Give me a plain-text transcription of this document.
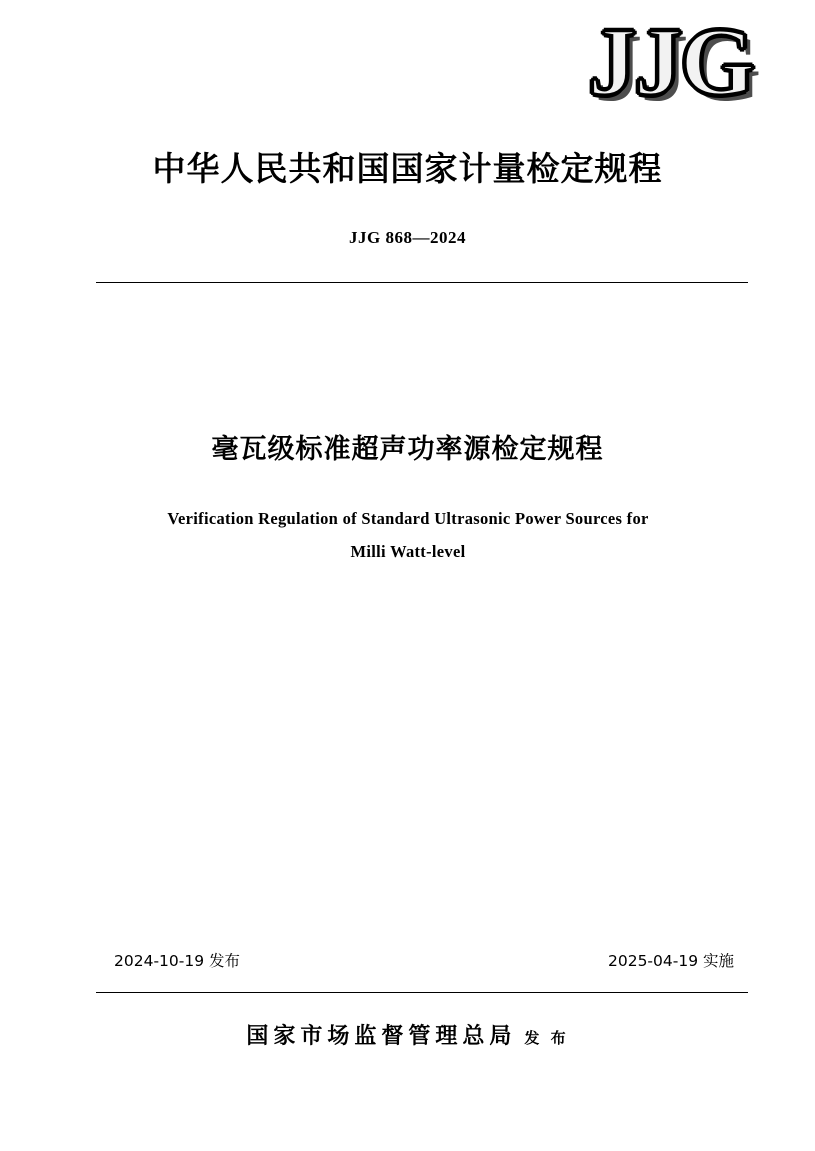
JJG
中华人民共和国国家计量检定规程
JJG 868—2024
毫瓦级标准超声功率源检定规程
Verification Regulation of Standard Ultrasonic Power Sources for
Milli Watt-level
2024-10-19 发布	2025-04-19 实施
国家市场监督管理总局 发 布
